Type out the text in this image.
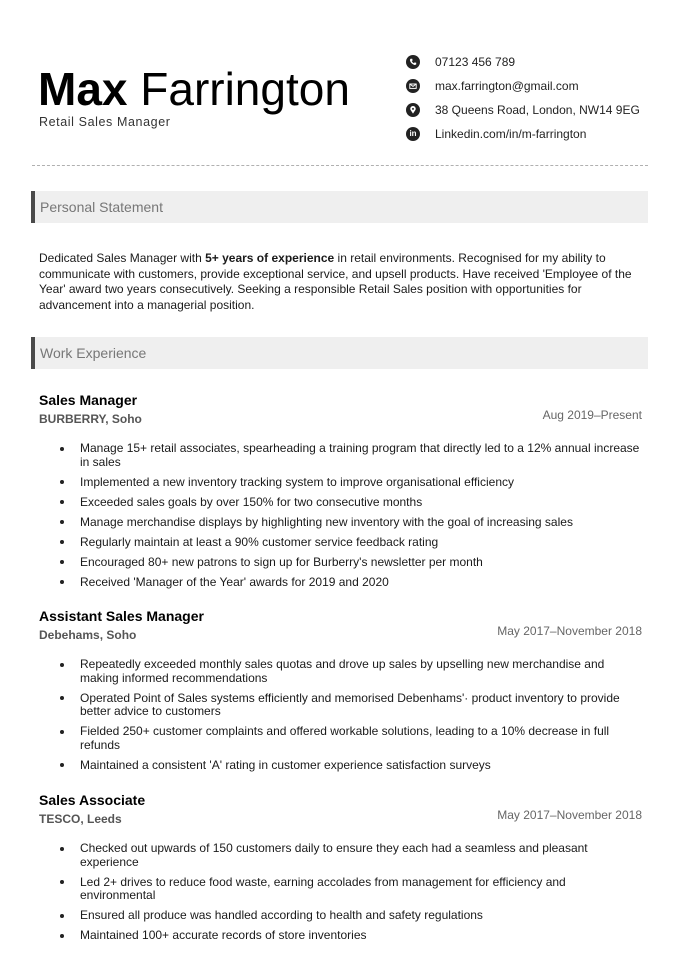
Max Farrington
Retail Sales Manager
07123 456 789
max.farrington@gmail.com
38 Queens Road, London, NW14 9EG
in Linkedin.com/in/m-farrington
Personal Statement

Dedicated Sales Manager with 5+ years of experience in retail environments. Recognised for my ability to communicate with customers, provide exceptional service, and upsell products. Have received 'Employee of the Year' award two years consecutively. Seeking a responsible Retail Sales position with opportunities for advancement into a managerial position.

Work Experience
Sales Manager
BURBERRY, Soho	Aug 2019–Present
Manage 15+ retail associates, spearheading a training program that directly led to a 12% annual increase in sales
Implemented a new inventory tracking system to improve organisational efficiency
Exceeded sales goals by over 150% for two consecutive months
Manage merchandise displays by highlighting new inventory with the goal of increasing sales
Regularly maintain at least a 90% customer service feedback rating
Encouraged 80+ new patrons to sign up for Burberry's newsletter per month
Received 'Manager of the Year' awards for 2019 and 2020
Assistant Sales Manager
Debehams, Soho	May 2017–November 2018
Repeatedly exceeded monthly sales quotas and drove up sales by upselling new merchandise and making informed recommendations
Operated Point of Sales systems efficiently and memorised Debenhams'· product inventory to provide better advice to customers
Fielded 250+ customer complaints and offered workable solutions, leading to a 10% decrease in full refunds
Maintained a consistent 'A' rating in customer experience satisfaction surveys
Sales Associate
TESCO, Leeds	May 2017–November 2018
Checked out upwards of 150 customers daily to ensure they each had a seamless and pleasant experience
Led 2+ drives to reduce food waste, earning accolades from management for efficiency and environmental
Ensured all produce was handled according to health and safety regulations
Maintained 100+ accurate records of store inventories
